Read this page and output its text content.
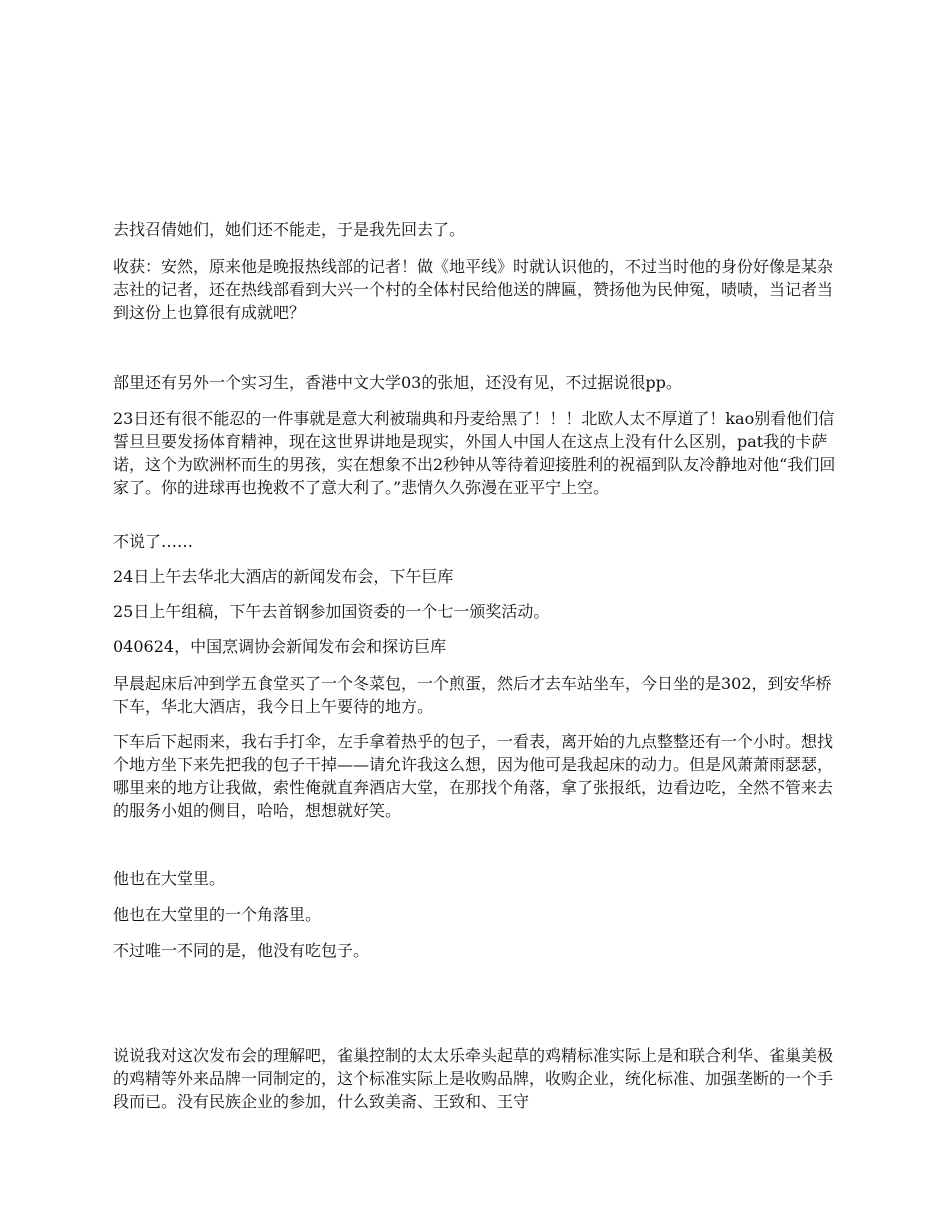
去找召倩她们，她们还不能走，于是我先回去了。

收获：安然，原来他是晚报热线部的记者！做《地平线》时就认识他的，不过当时他的身份好像是某杂志社的记者，还在热线部看到大兴一个村的全体村民给他送的牌匾，赞扬他为民伸冤，啧啧，当记者当到这份上也算很有成就吧？

部里还有另外一个实习生，香港中文大学03的张旭，还没有见，不过据说很pp。

23日还有很不能忍的一件事就是意大利被瑞典和丹麦给黑了！！！北欧人太不厚道了！kao别看他们信誓旦旦要发扬体育精神，现在这世界讲地是现实，外国人中国人在这点上没有什么区别，pat我的卡萨诺，这个为欧洲杯而生的男孩，实在想象不出2秒钟从等待着迎接胜利的祝福到队友冷静地对他“我们回家了。你的进球再也挽救不了意大利了。”悲情久久弥漫在亚平宁上空。

不说了……

24日上午去华北大酒店的新闻发布会，下午巨库

25日上午组稿，下午去首钢参加国资委的一个七一颁奖活动。

040624，中国烹调协会新闻发布会和探访巨库

早晨起床后冲到学五食堂买了一个冬菜包，一个煎蛋，然后才去车站坐车，今日坐的是302，到安华桥下车，华北大酒店，我今日上午要待的地方。

下车后下起雨来，我右手打伞，左手拿着热乎的包子，一看表，离开始的九点整整还有一个小时。想找个地方坐下来先把我的包子干掉——请允许我这么想，因为他可是我起床的动力。但是风萧萧雨瑟瑟，哪里来的地方让我做，索性俺就直奔酒店大堂，在那找个角落，拿了张报纸，边看边吃，全然不管来去的服务小姐的侧目，哈哈，想想就好笑。

他也在大堂里。

他也在大堂里的一个角落里。

不过唯一不同的是，他没有吃包子。

说说我对这次发布会的理解吧，雀巢控制的太太乐牵头起草的鸡精标准实际上是和联合利华、雀巢美极的鸡精等外来品牌一同制定的，这个标准实际上是收购品牌，收购企业，统化标准、加强垄断的一个手段而已。没有民族企业的参加，什么致美斋、王致和、王守
